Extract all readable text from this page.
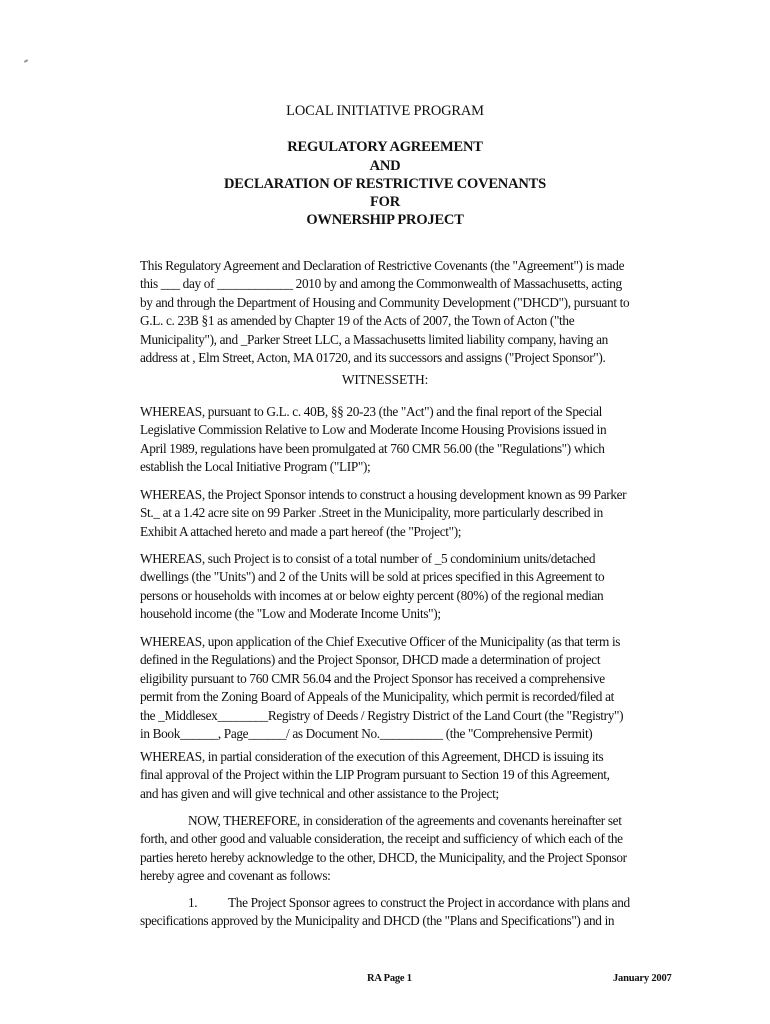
LOCAL INITIATIVE PROGRAM
REGULATORY AGREEMENT
AND
DECLARATION OF RESTRICTIVE COVENANTS
FOR
OWNERSHIP PROJECT
This Regulatory Agreement and Declaration of Restrictive Covenants (the "Agreement") is made
this ___ day of ____________ 2010 by and among the Commonwealth of Massachusetts, acting
by and through the Department of Housing and Community Development ("DHCD"), pursuant to
G.L. c. 23B §1 as amended by Chapter 19 of the Acts of 2007, the Town of Acton ("the
Municipality"), and _Parker Street LLC, a Massachusetts limited liability company, having an
address at , Elm Street, Acton, MA 01720, and its successors and assigns ("Project Sponsor").
WITNESSETH:
WHEREAS, pursuant to G.L. c. 40B, §§ 20-23 (the "Act") and the final report of the Special
Legislative Commission Relative to Low and Moderate Income Housing Provisions issued in
April 1989, regulations have been promulgated at 760 CMR 56.00 (the "Regulations") which
establish the Local Initiative Program ("LIP");
WHEREAS, the Project Sponsor intends to construct a housing development known as 99 Parker
St._ at a 1.42 acre site on 99 Parker .Street in the Municipality, more particularly described in
Exhibit A attached hereto and made a part hereof (the "Project");
WHEREAS, such Project is to consist of a total number of _5 condominium units/detached
dwellings (the "Units") and 2 of the Units will be sold at prices specified in this Agreement to
persons or households with incomes at or below eighty percent (80%) of the regional median
household income (the "Low and Moderate Income Units");
WHEREAS, upon application of the Chief Executive Officer of the Municipality (as that term is
defined in the Regulations) and the Project Sponsor, DHCD made a determination of project
eligibility pursuant to 760 CMR 56.04 and the Project Sponsor has received a comprehensive
permit from the Zoning Board of Appeals of the Municipality, which permit is recorded/filed at
the _Middlesex________Registry of Deeds / Registry District of the Land Court (the "Registry")
in Book______, Page______/ as Document No.__________ (the "Comprehensive Permit)
WHEREAS, in partial consideration of the execution of this Agreement, DHCD is issuing its
final approval of the Project within the LIP Program pursuant to Section 19 of this Agreement,
and has given and will give technical and other assistance to the Project;
NOW, THEREFORE, in consideration of the agreements and covenants hereinafter set
forth, and other good and valuable consideration, the receipt and sufficiency of which each of the
parties hereto hereby acknowledge to the other, DHCD, the Municipality, and the Project Sponsor
hereby agree and covenant as follows:
1. The Project Sponsor agrees to construct the Project in accordance with plans and
specifications approved by the Municipality and DHCD (the "Plans and Specifications") and in
RA Page 1	January 2007
